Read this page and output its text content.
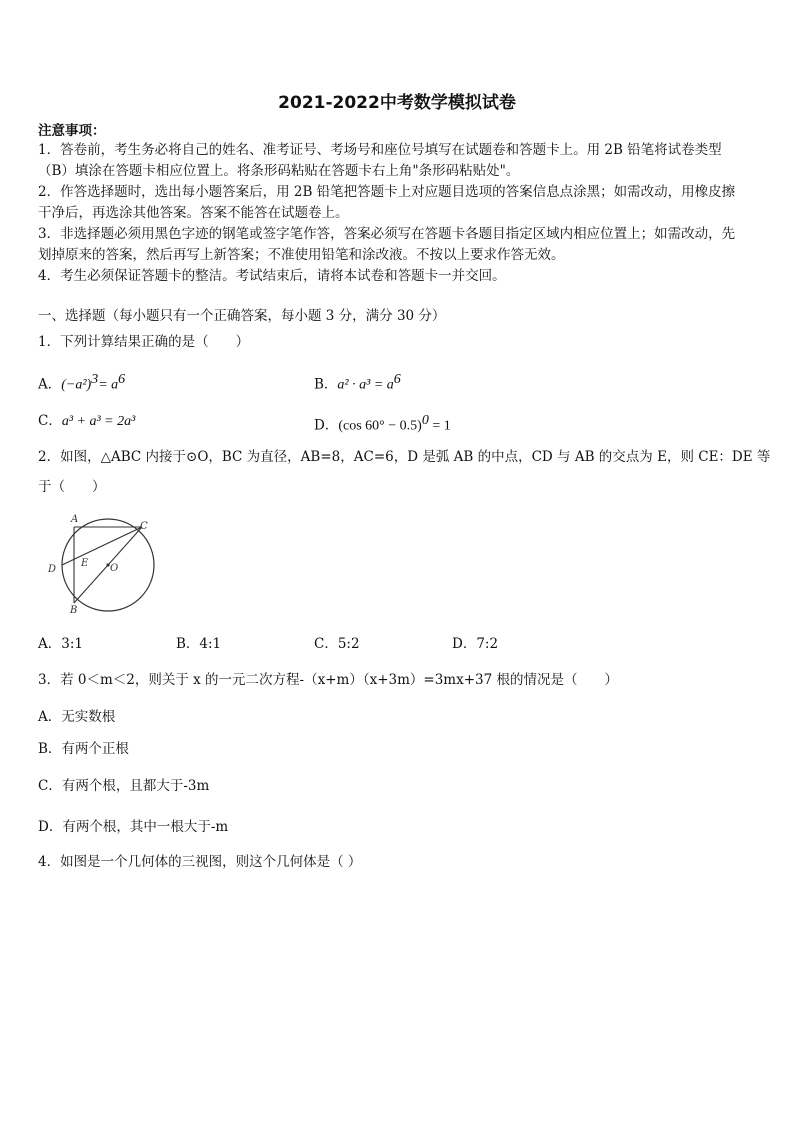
2021-2022中考数学模拟试卷
注意事项：
1．答卷前，考生务必将自己的姓名、准考证号、考场号和座位号填写在试题卷和答题卡上。用 2B 铅笔将试卷类型
（B）填涂在答题卡相应位置上。将条形码粘贴在答题卡右上角"条形码粘贴处"。
2．作答选择题时，选出每小题答案后，用 2B 铅笔把答题卡上对应题目选项的答案信息点涂黑；如需改动，用橡皮擦
干净后，再选涂其他答案。答案不能答在试题卷上。
3．非选择题必须用黑色字迹的钢笔或签字笔作答，答案必须写在答题卡各题目指定区域内相应位置上；如需改动，先
划掉原来的答案，然后再写上新答案；不准使用铅笔和涂改液。不按以上要求作答无效。
4．考生必须保证答题卡的整洁。考试结束后，请将本试卷和答题卡一并交回。
一、选择题（每小题只有一个正确答案，每小题 3 分，满分 30 分）
1．下列计算结果正确的是（　　）
A．$(-a^2)^3= a^6$	B．$a^2 \cdot a^3 = a^6$
C．a³ + a³ = 2a³	D．(cos 60° − 0.5)$^0$ = 1
2．如图，△ABC 内接于⊙O，BC 为直径，AB=8，AC=6，D 是弧 AB 的中点，CD 与 AB 的交点为 E，则 CE：DE 等
于（　　）
A
C
D
E O
B
A．3:1	B．4:1	C．5:2	D．7:2
3．若 0＜m＜2，则关于 x 的一元二次方程-（x+m）（x+3m）=3mx+37 根的情况是（　　）
A．无实数根
B．有两个正根
C．有两个根，且都大于-3m
D．有两个根，其中一根大于-m
4．如图是一个几何体的三视图，则这个几何体是（ ）
